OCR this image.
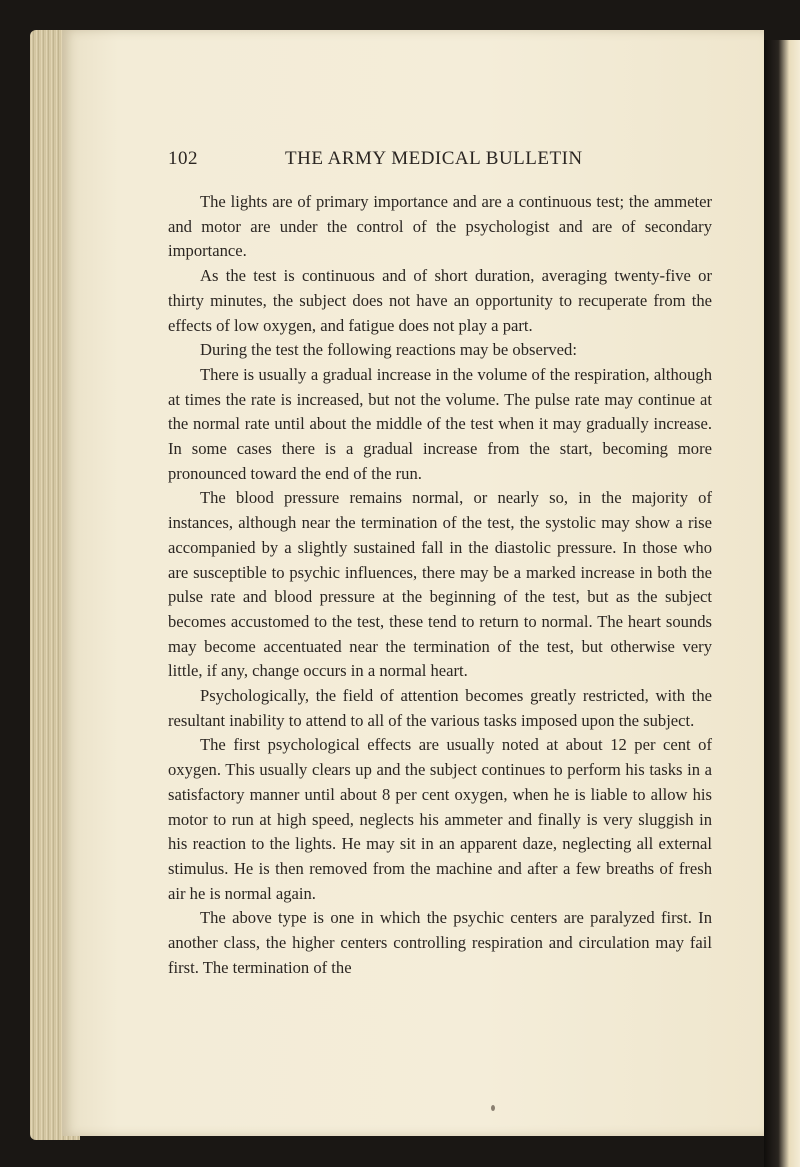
102	THE ARMY MEDICAL BULLETIN

The lights are of primary importance and are a continuous test; the ammeter and motor are under the control of the psychologist and are of secondary importance.

As the test is continuous and of short duration, averaging twenty-five or thirty minutes, the subject does not have an opportunity to recuperate from the effects of low oxygen, and fatigue does not play a part.

During the test the following reactions may be observed:

There is usually a gradual increase in the volume of the respiration, although at times the rate is increased, but not the volume. The pulse rate may continue at the normal rate until about the middle of the test when it may gradually increase. In some cases there is a gradual increase from the start, becoming more pronounced toward the end of the run.

The blood pressure remains normal, or nearly so, in the majority of instances, although near the termination of the test, the systolic may show a rise accompanied by a slightly sustained fall in the diastolic pressure. In those who are susceptible to psychic influences, there may be a marked increase in both the pulse rate and blood pressure at the beginning of the test, but as the subject becomes accustomed to the test, these tend to return to normal. The heart sounds may become accentuated near the termination of the test, but otherwise very little, if any, change occurs in a normal heart.

Psychologically, the field of attention becomes greatly restricted, with the resultant inability to attend to all of the various tasks imposed upon the subject.

The first psychological effects are usually noted at about 12 per cent of oxygen. This usually clears up and the subject continues to perform his tasks in a satisfactory manner until about 8 per cent oxygen, when he is liable to allow his motor to run at high speed, neglects his ammeter and finally is very sluggish in his reaction to the lights. He may sit in an apparent daze, neglecting all external stimulus. He is then removed from the machine and after a few breaths of fresh air he is normal again.

The above type is one in which the psychic centers are paralyzed first. In another class, the higher centers controlling respiration and circulation may fail first. The termination of the
